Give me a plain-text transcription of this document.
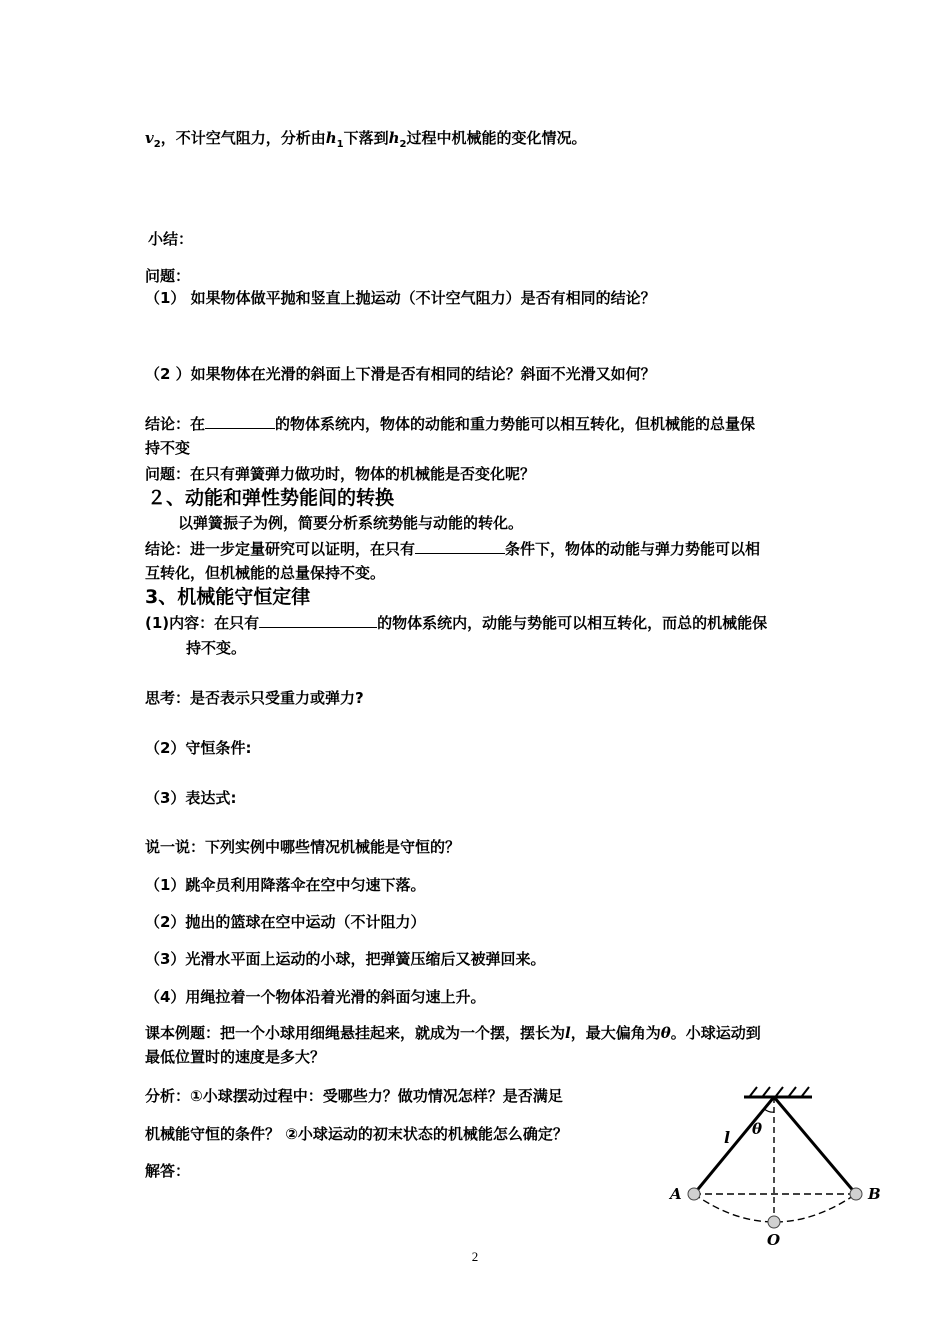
$v_2$，不计空气阻力，分析由$h_1$下落到$h_2$过程中机械能的变化情况。
小结：
问题：
（1） 如果物体做平抛和竖直上抛运动（不计空气阻力）是否有相同的结论？
（2 ）如果物体在光滑的斜面上下滑是否有相同的结论？斜面不光滑又如何？
结论：在	的物体系统内，物体的动能和重力势能可以相互转化，但机械能的总量保
持不变
问题：在只有弹簧弹力做功时，物体的机械能是否变化呢？
２、动能和弹性势能间的转换
以弹簧振子为例，简要分析系统势能与动能的转化。
结论：进一步定量研究可以证明，在只有	条件下，物体的动能与弹力势能可以相
互转化，但机械能的总量保持不变。
3、机械能守恒定律
(1)内容：在只有	的物体系统内，动能与势能可以相互转化，而总的机械能保
持不变。
思考：是否表示只受重力或弹力?
（2）守恒条件:
（3）表达式:
说一说：下列实例中哪些情况机械能是守恒的？
（1）跳伞员利用降落伞在空中匀速下落。
（2）抛出的篮球在空中运动（不计阻力）
（3）光滑水平面上运动的小球，把弹簧压缩后又被弹回来。
（4）用绳拉着一个物体沿着光滑的斜面匀速上升。
课本例题：把一个小球用细绳悬挂起来，就成为一个摆，摆长为l，最大偏角为θ。小球运动到
最低位置时的速度是多大？
分析：①小球摆动过程中：受哪些力？做功情况怎样？是否满足
机械能守恒的条件？ ②小球运动的初末状态的机械能怎么确定？
解答：
l θ
A	B
O
2
